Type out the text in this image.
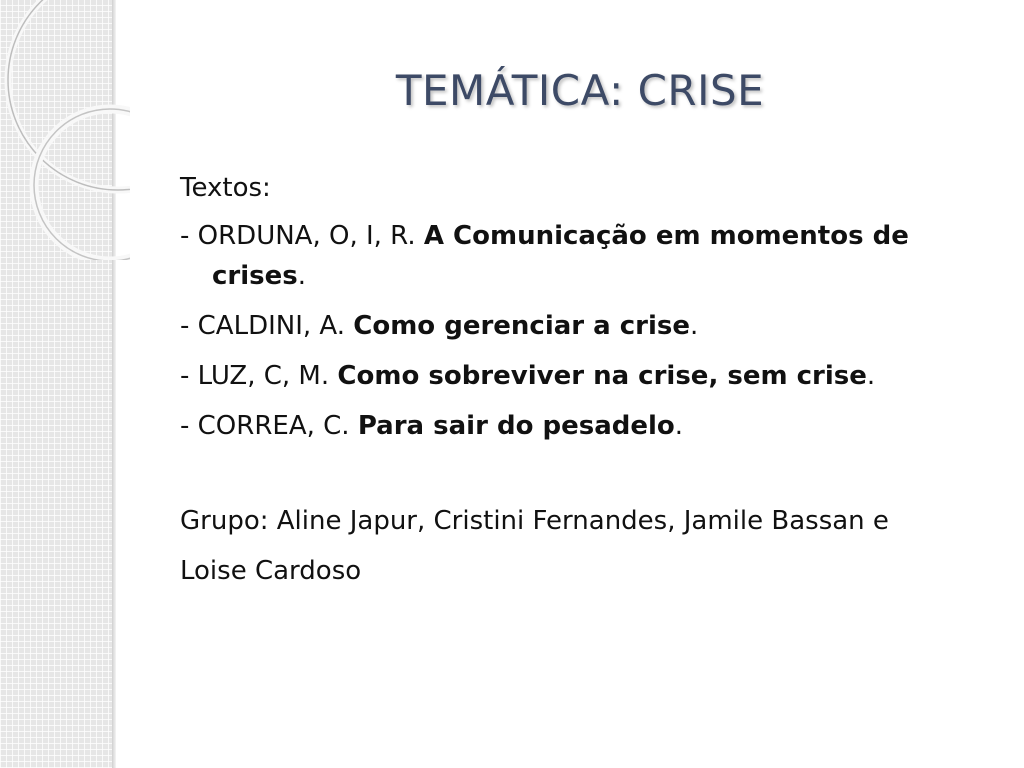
TEMÁTICA: CRISE

Textos:

- ORDUNA, O, I, R. A Comunicação em momentos de crises.

- CALDINI, A. Como gerenciar a crise.

- LUZ, C, M. Como sobreviver na crise, sem crise.

- CORREA, C. Para sair do pesadelo.

Grupo: Aline Japur, Cristini Fernandes, Jamile Bassan e

Loise Cardoso
